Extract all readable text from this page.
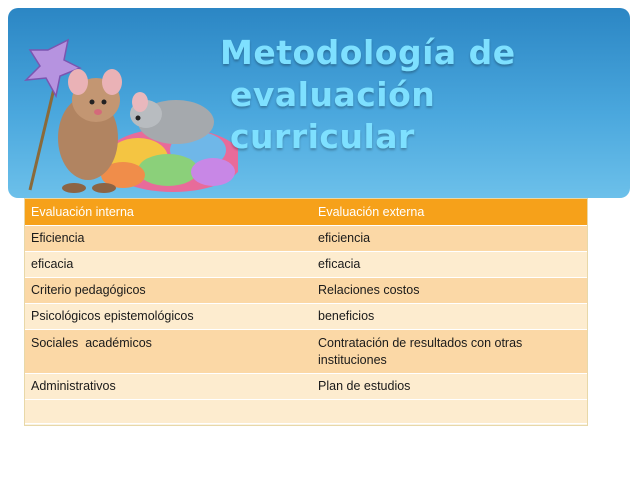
Metodología de
evaluación curricular
Evaluación interna	Evaluación externa
Eficiencia	eficiencia
eficacia	eficacia
Criterio pedagógicos	Relaciones costos
Psicológicos epistemológicos	beneficios
Sociales  académicos	Contratación de resultados con otras instituciones
Administrativos	Plan de estudios
